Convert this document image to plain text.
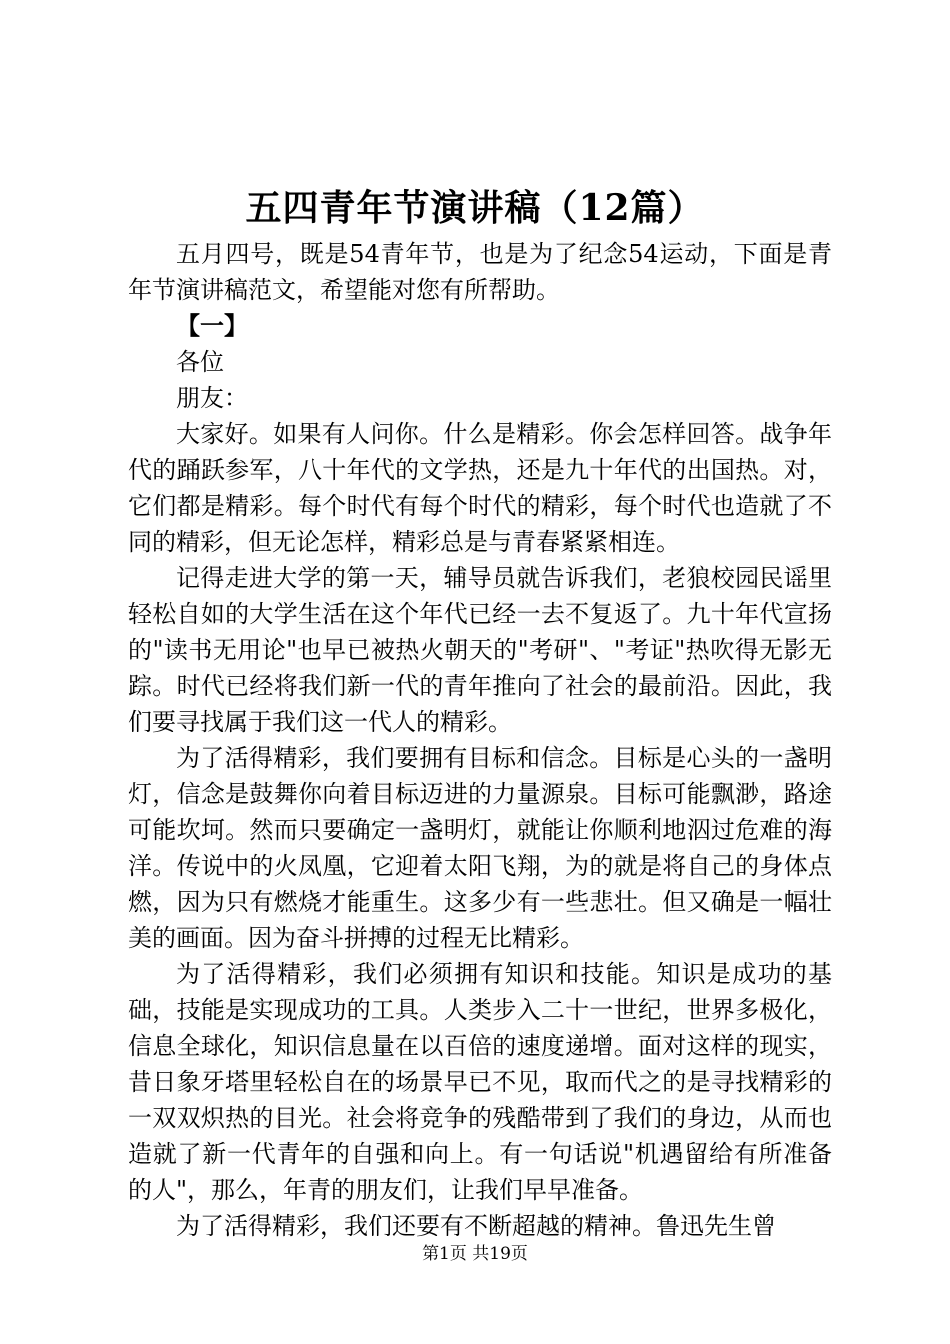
五四青年节演讲稿（12篇）

五月四号，既是54青年节，也是为了纪念54运动，下面是青年节演讲稿范文，希望能对您有所帮助。

【一】

各位

朋友：

大家好。如果有人问你。什么是精彩。你会怎样回答。战争年代的踊跃参军，八十年代的文学热，还是九十年代的出国热。对，它们都是精彩。每个时代有每个时代的精彩，每个时代也造就了不同的精彩，但无论怎样，精彩总是与青春紧紧相连。

记得走进大学的第一天，辅导员就告诉我们，老狼校园民谣里轻松自如的大学生活在这个年代已经一去不复返了。九十年代宣扬的"读书无用论"也早已被热火朝天的"考研"、"考证"热吹得无影无踪。时代已经将我们新一代的青年推向了社会的最前沿。因此，我们要寻找属于我们这一代人的精彩。

为了活得精彩，我们要拥有目标和信念。目标是心头的一盏明灯，信念是鼓舞你向着目标迈进的力量源泉。目标可能飘渺，路途可能坎坷。然而只要确定一盏明灯，就能让你顺利地泅过危难的海洋。传说中的火凤凰，它迎着太阳飞翔，为的就是将自己的身体点燃，因为只有燃烧才能重生。这多少有一些悲壮。但又确是一幅壮美的画面。因为奋斗拼搏的过程无比精彩。

为了活得精彩，我们必须拥有知识和技能。知识是成功的基础，技能是实现成功的工具。人类步入二十一世纪，世界多极化，信息全球化，知识信息量在以百倍的速度递增。面对这样的现实，昔日象牙塔里轻松自在的场景早已不见，取而代之的是寻找精彩的一双双炽热的目光。社会将竞争的残酷带到了我们的身边，从而也造就了新一代青年的自强和向上。有一句话说"机遇留给有所准备的人"，那么，年青的朋友们，让我们早早准备。

为了活得精彩，我们还要有不断超越的精神。鲁迅先生曾

第1页 共19页
